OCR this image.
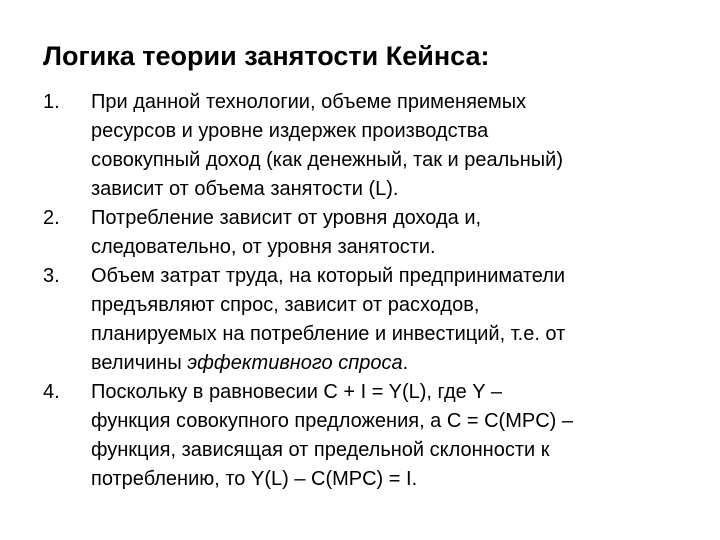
Логика теории занятости Кейнса:
1. При данной технологии, объеме применяемых
ресурсов и уровне издержек производства
совокупный доход (как денежный, так и реальный)
зависит от объема занятости (L).
2. Потребление зависит от уровня дохода и,
следовательно, от уровня занятости.
3. Объем затрат труда, на который предприниматели
предъявляют спрос, зависит от расходов,
планируемых на потребление и инвестиций, т.е. от
величины эффективного спроса.
4. Поскольку в равновесии C + I = Y(L), где Y –
функция совокупного предложения, а C = C(MPC) –
функция, зависящая от предельной склонности к
потреблению, то Y(L) – C(MPC) = I.
